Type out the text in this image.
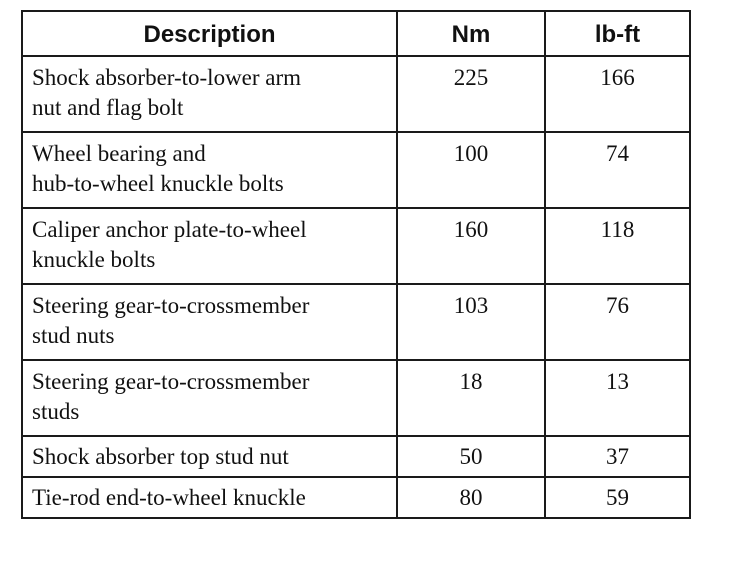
Description	Nm	lb-ft

Shock absorber-to-lower arm
nut and flag bolt	225	166

Wheel bearing and
hub-to-wheel knuckle bolts	100	74

Caliper anchor plate-to-wheel
knuckle bolts	160	118

Steering gear-to-crossmember
stud nuts	103	76

Steering gear-to-crossmember
studs	18	13

Shock absorber top stud nut	50	37

Tie-rod end-to-wheel knuckle	80	59
